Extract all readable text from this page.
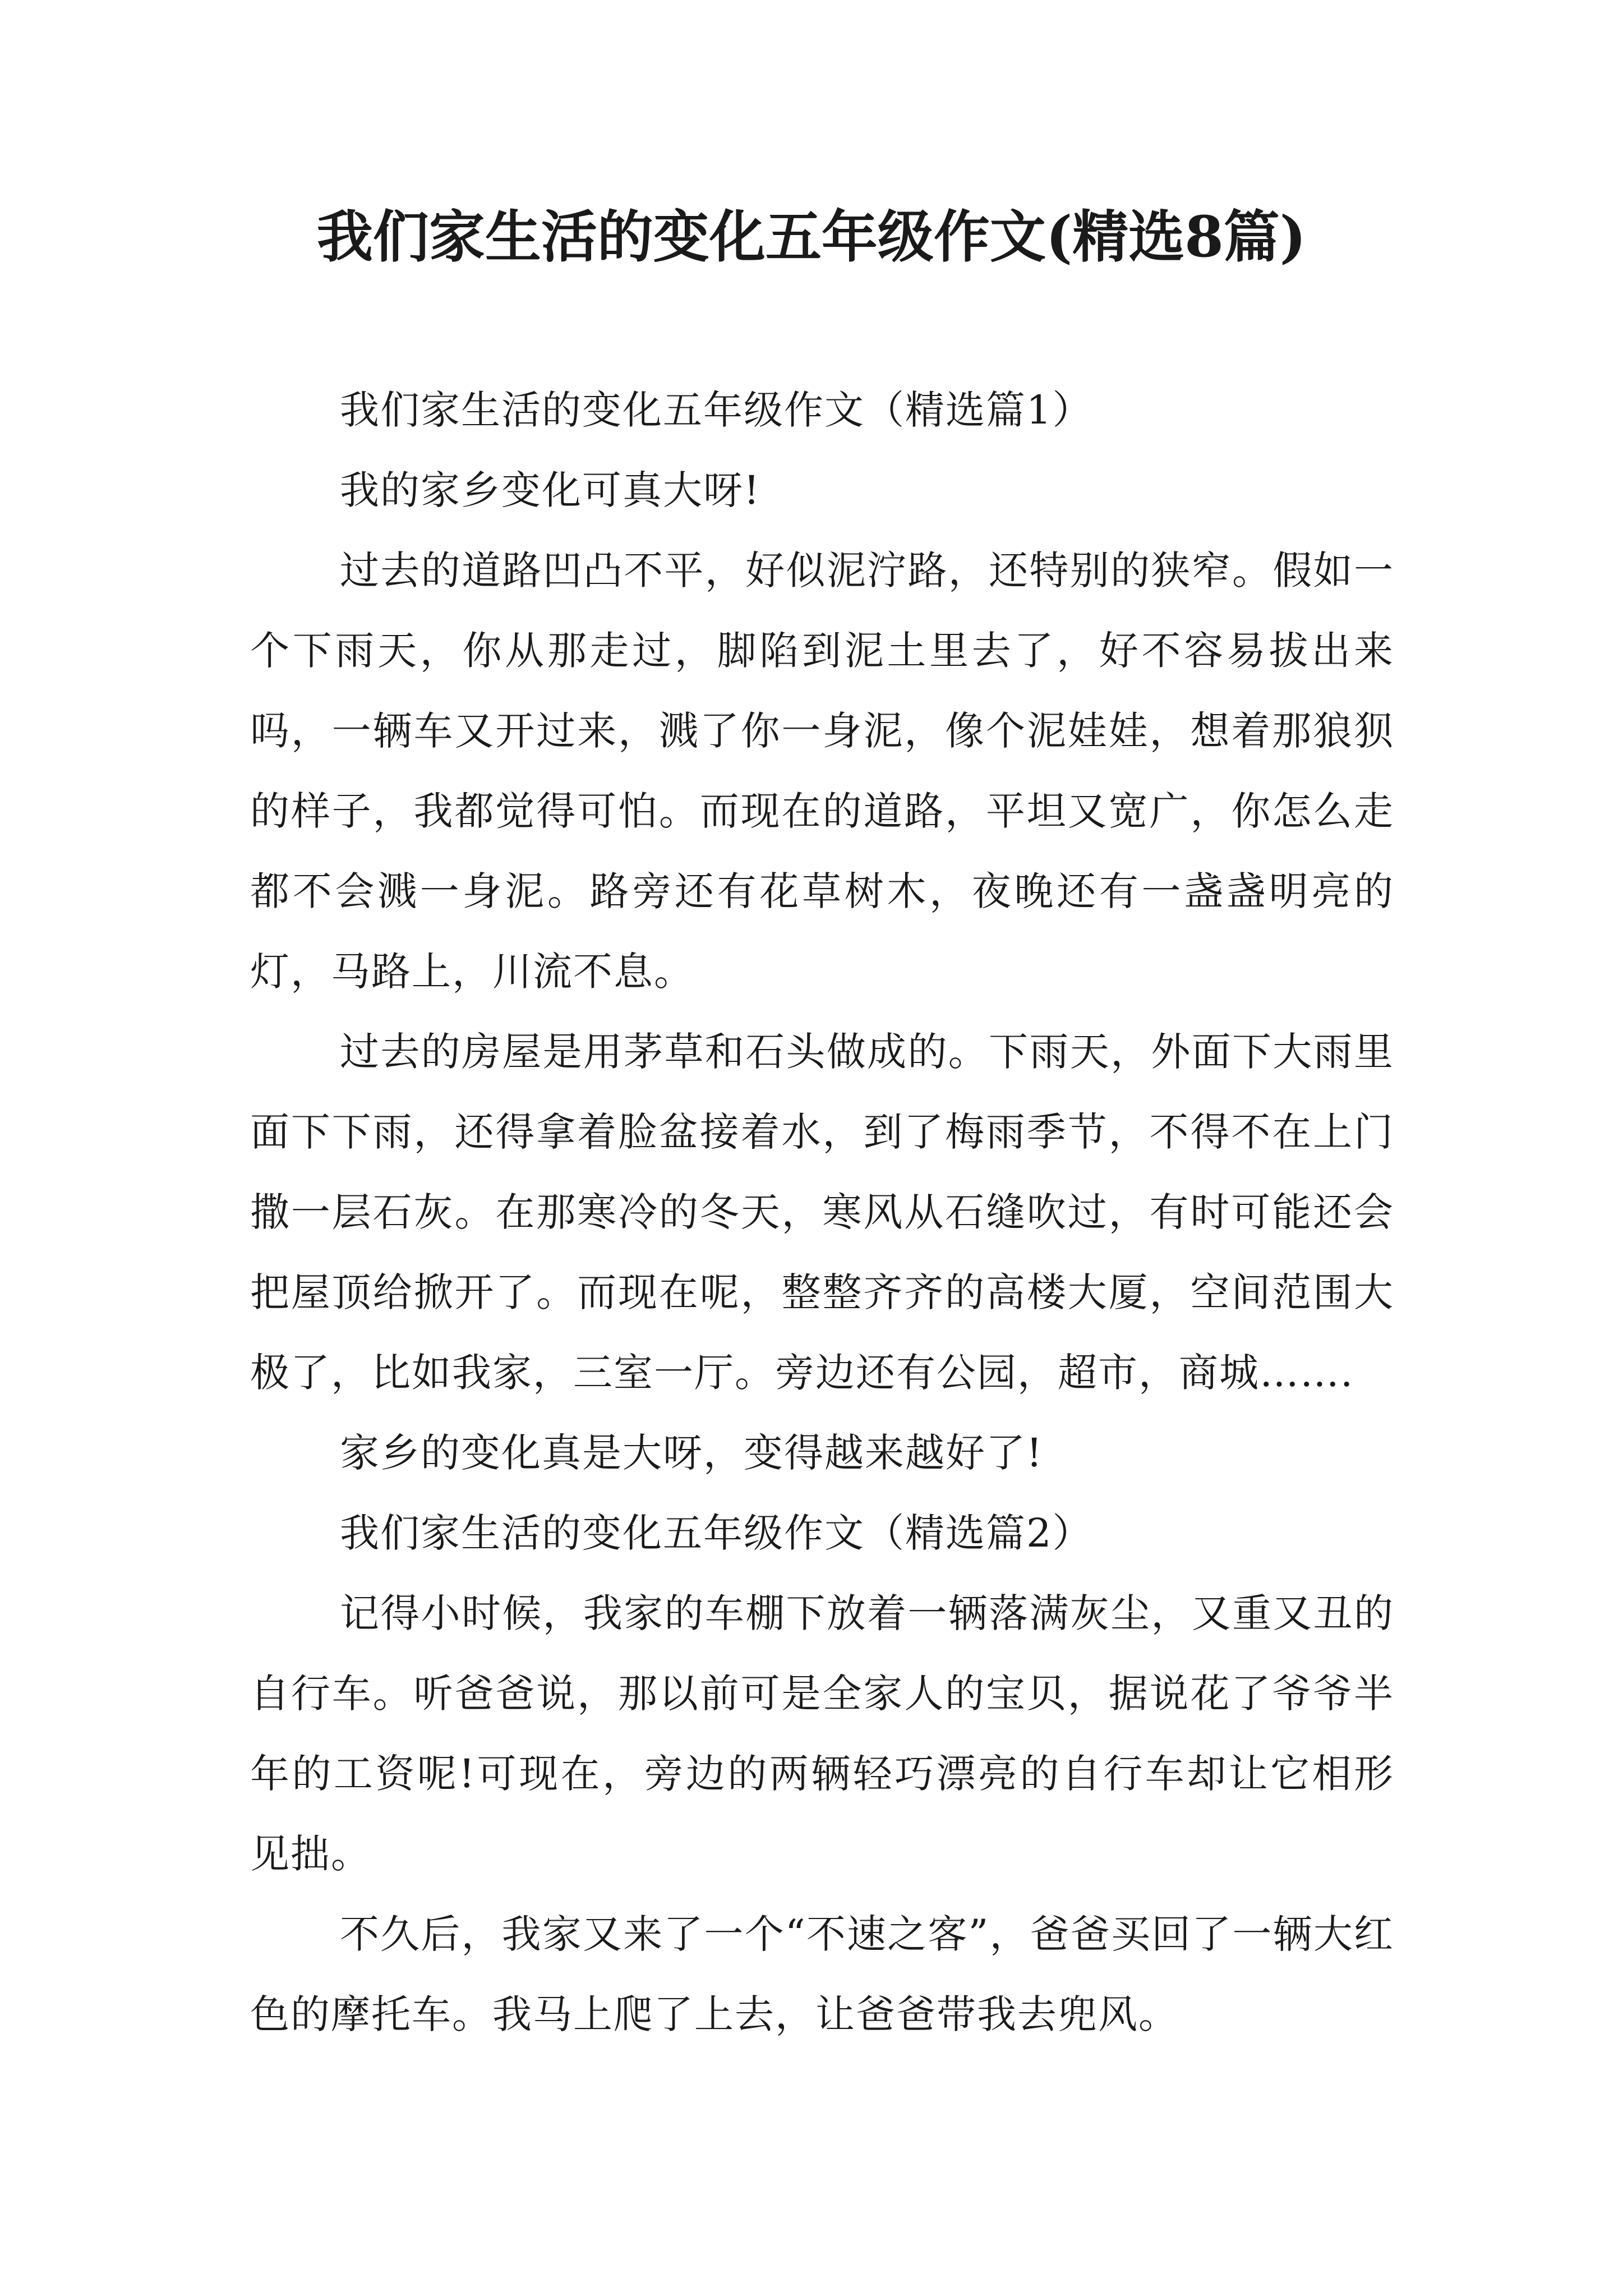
我们家生活的变化五年级作文(精选8篇)

我们家生活的变化五年级作文（精选篇1）

我的家乡变化可真大呀!

过去的道路凹凸不平，好似泥泞路，还特别的狭窄。假如一个下雨天，你从那走过，脚陷到泥土里去了，好不容易拔出来吗，一辆车又开过来，溅了你一身泥，像个泥娃娃，想着那狼狈的样子，我都觉得可怕。而现在的道路，平坦又宽广，你怎么走都不会溅一身泥。路旁还有花草树木，夜晚还有一盏盏明亮的灯，马路上，川流不息。

过去的房屋是用茅草和石头做成的。下雨天，外面下大雨里面下下雨，还得拿着脸盆接着水，到了梅雨季节，不得不在上门撒一层石灰。在那寒冷的冬天，寒风从石缝吹过，有时可能还会把屋顶给掀开了。而现在呢，整整齐齐的高楼大厦，空间范围大极了，比如我家，三室一厅。旁边还有公园，超市，商城…….

家乡的变化真是大呀，变得越来越好了!

我们家生活的变化五年级作文（精选篇2）

记得小时候，我家的车棚下放着一辆落满灰尘，又重又丑的自行车。听爸爸说，那以前可是全家人的宝贝，据说花了爷爷半年的工资呢!可现在，旁边的两辆轻巧漂亮的自行车却让它相形见拙。

不久后，我家又来了一个“不速之客”，爸爸买回了一辆大红色的摩托车。我马上爬了上去，让爸爸带我去兜风。
